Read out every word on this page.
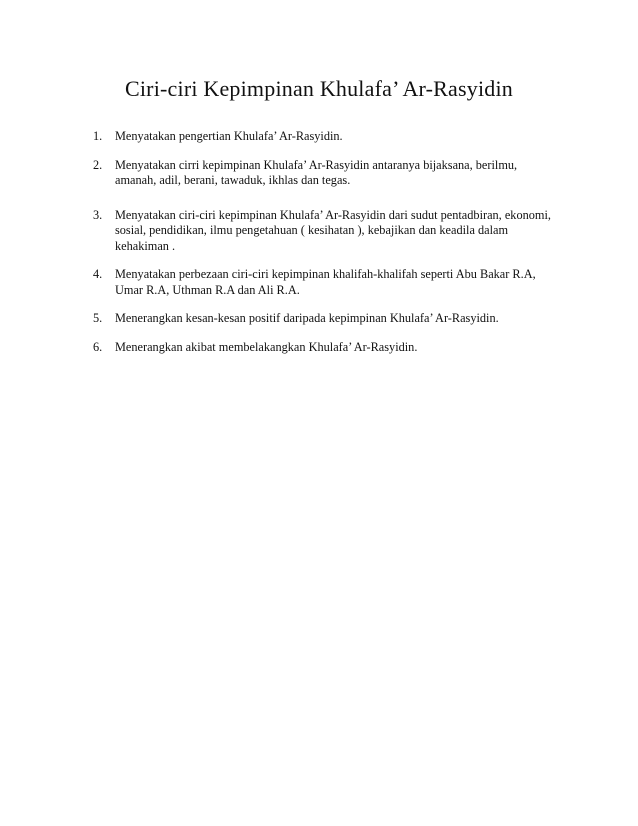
Ciri-ciri Kepimpinan Khulafa’ Ar-Rasyidin
1. Menyatakan pengertian Khulafa’ Ar-Rasyidin.
2. Menyatakan cirri kepimpinan Khulafa’ Ar-Rasyidin antaranya bijaksana, berilmu, amanah, adil, berani, tawaduk, ikhlas dan tegas.
3. Menyatakan ciri-ciri kepimpinan Khulafa’ Ar-Rasyidin dari sudut pentadbiran, ekonomi, sosial, pendidikan, ilmu pengetahuan ( kesihatan ), kebajikan dan keadila dalam kehakiman .
4. Menyatakan perbezaan ciri-ciri kepimpinan khalifah-khalifah seperti Abu Bakar R.A, Umar R.A, Uthman R.A dan Ali R.A.
5. Menerangkan kesan-kesan positif daripada kepimpinan Khulafa’ Ar-Rasyidin.
6. Menerangkan akibat membelakangkan Khulafa’ Ar-Rasyidin.
